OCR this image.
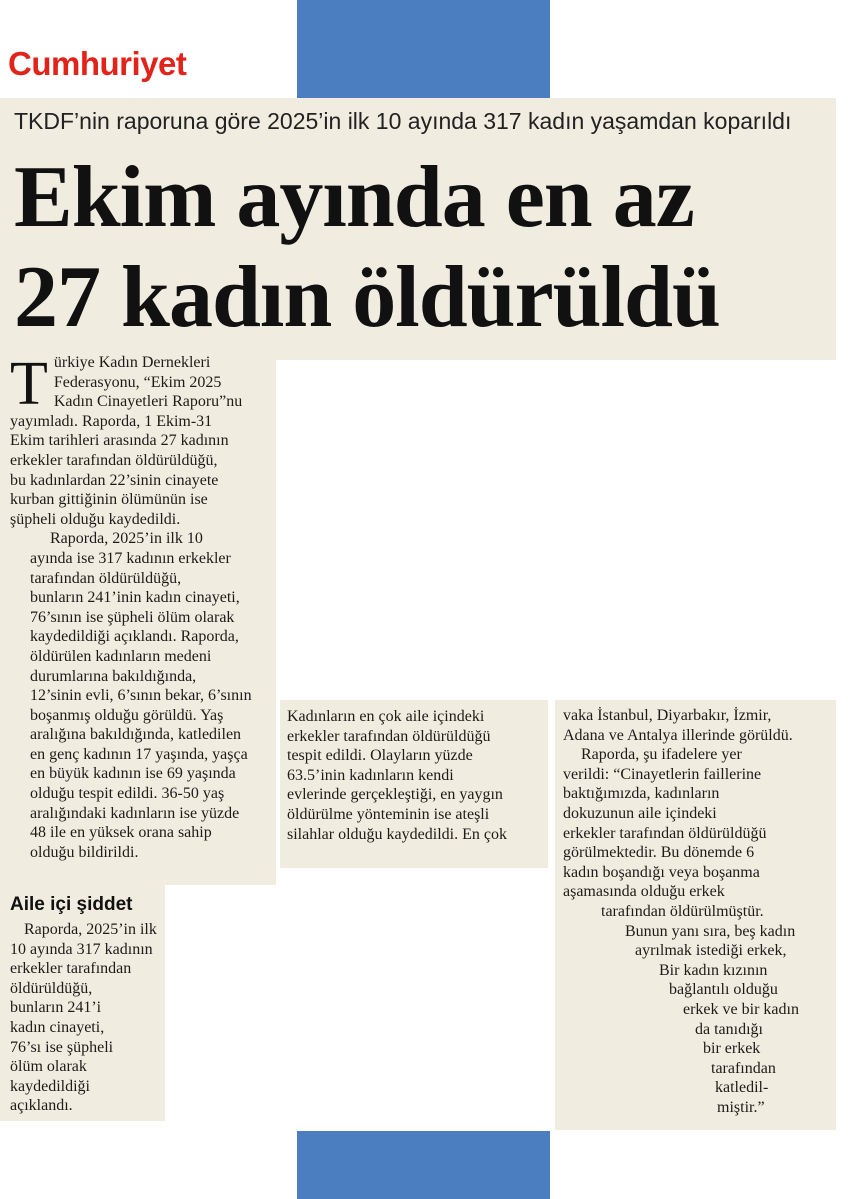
Cumhuriyet
TKDF’nin raporuna göre 2025’in ilk 10 ayında 317 kadın yaşamdan koparıldı
Ekim ayında en az
27 kadın öldürüldü
T ürkiye Kadın Dernekleri
Federasyonu, “Ekim 2025
Kadın Cinayetleri Raporu”nu
yayımladı. Raporda, 1 Ekim-31
Ekim tarihleri arasında 27 kadının
erkekler tarafından öldürüldüğü,
bu kadınlardan 22’sinin cinayete
kurban gittiğinin ölümünün ise
şüpheli olduğu kaydedildi.

Raporda, 2025’in ilk 10
ayında ise 317 kadının erkekler
tarafından öldürüldüğü,
bunların 241’inin kadın cinayeti,
76’sının ise şüpheli ölüm olarak
kaydedildiği açıklandı. Raporda,
öldürülen kadınların medeni
durumlarına bakıldığında,
12’sinin evli, 6’sının bekar, 6’sının
boşanmış olduğu görüldü. Yaş
aralığına bakıldığında, katledilen
en genç kadının 17 yaşında, yaşça
en büyük kadının ise 69 yaşında
olduğu tespit edildi. 36-50 yaş
aralığındaki kadınların ise yüzde
48 ile en yüksek orana sahip
olduğu bildirildi.

Aile içi şiddet
Raporda, 2025’in ilk
10 ayında 317 kadının
erkekler tarafından
öldürüldüğü,
bunların 241’i
kadın cinayeti,
76’sı ise şüpheli
ölüm olarak
kaydedildiği
açıklandı.
Kadınların en çok aile içindeki
erkekler tarafından öldürüldüğü
tespit edildi. Olayların yüzde
63.5’inin kadınların kendi
evlerinde gerçekleştiği, en yaygın
öldürülme yönteminin ise ateşli
silahlar olduğu kaydedildi. En çok
vaka İstanbul, Diyarbakır, İzmir,
Adana ve Antalya illerinde görüldü.
Raporda, şu ifadelere yer
verildi: “Cinayetlerin faillerine
baktığımızda, kadınların
dokuzunun aile içindeki
erkekler tarafından öldürüldüğü
görülmektedir. Bu dönemde 6
kadın boşandığı veya boşanma
aşamasında olduğu erkek
tarafından öldürülmüştür.
Bunun yanı sıra, beş kadın
ayrılmak istediği erkek,
Bir kadın kızının
bağlantılı olduğu
erkek ve bir kadın
da tanıdığı
bir erkek
tarafından
katledil-
miştir.”
